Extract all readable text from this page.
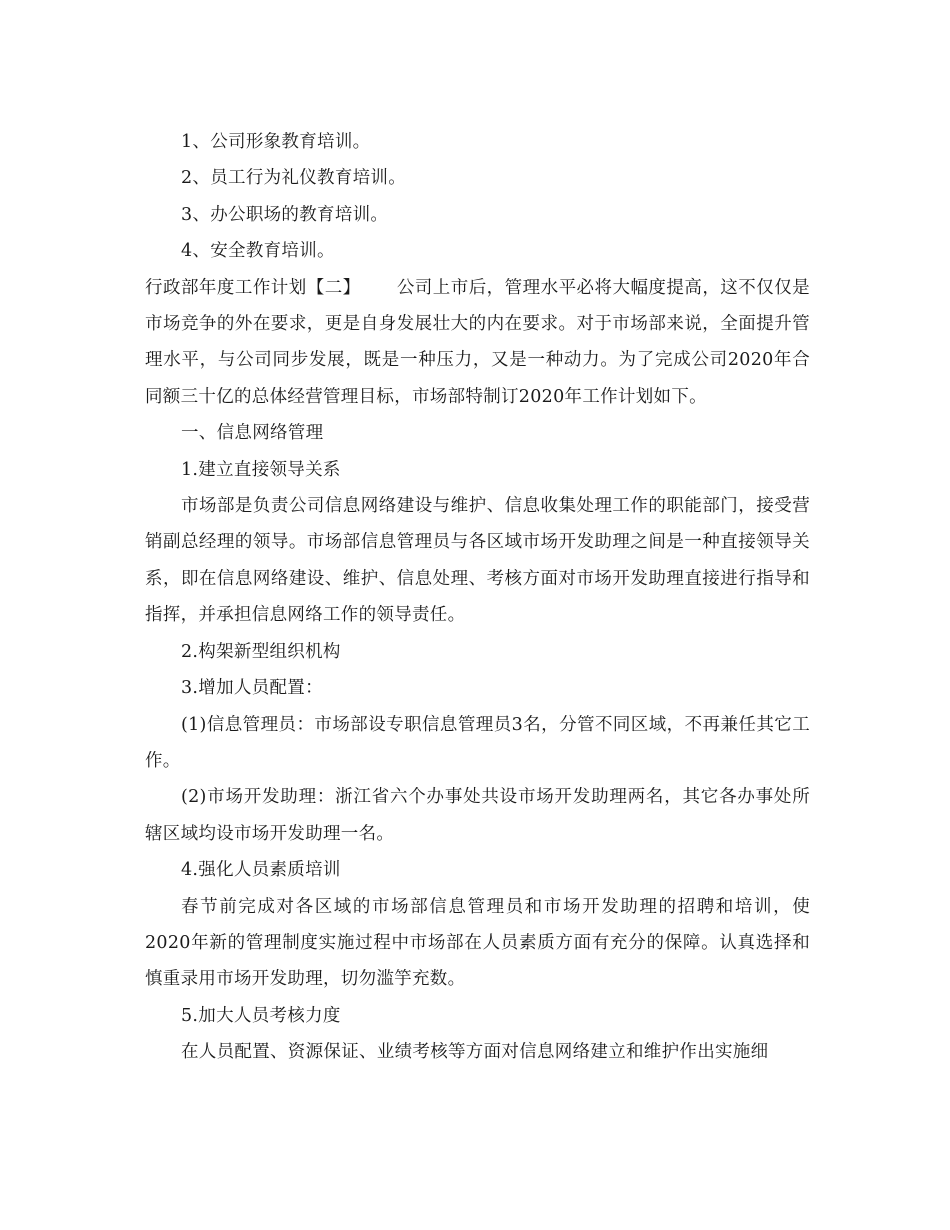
1、公司形象教育培训。

2、员工行为礼仪教育培训。

3、办公职场的教育培训。

4、安全教育培训。

行政部年度工作计划【二】 公司上市后，管理水平必将大幅度提高，这不仅仅是市场竞争的外在要求，更是自身发展壮大的内在要求。对于市场部来说，全面提升管理水平，与公司同步发展，既是一种压力，又是一种动力。为了完成公司2020年合同额三十亿的总体经营管理目标，市场部特制订2020年工作计划如下。

一、信息网络管理

1.建立直接领导关系

市场部是负责公司信息网络建设与维护、信息收集处理工作的职能部门，接受营销副总经理的领导。市场部信息管理员与各区域市场开发助理之间是一种直接领导关系，即在信息网络建设、维护、信息处理、考核方面对市场开发助理直接进行指导和指挥，并承担信息网络工作的领导责任。

2.构架新型组织机构

3.增加人员配置：

(1)信息管理员：市场部设专职信息管理员3名，分管不同区域，不再兼任其它工作。

(2)市场开发助理：浙江省六个办事处共设市场开发助理两名，其它各办事处所辖区域均设市场开发助理一名。

4.强化人员素质培训

春节前完成对各区域的市场部信息管理员和市场开发助理的招聘和培训，使2020年新的管理制度实施过程中市场部在人员素质方面有充分的保障。认真选择和慎重录用市场开发助理，切勿滥竽充数。

5.加大人员考核力度

在人员配置、资源保证、业绩考核等方面对信息网络建立和维护作出实施细
